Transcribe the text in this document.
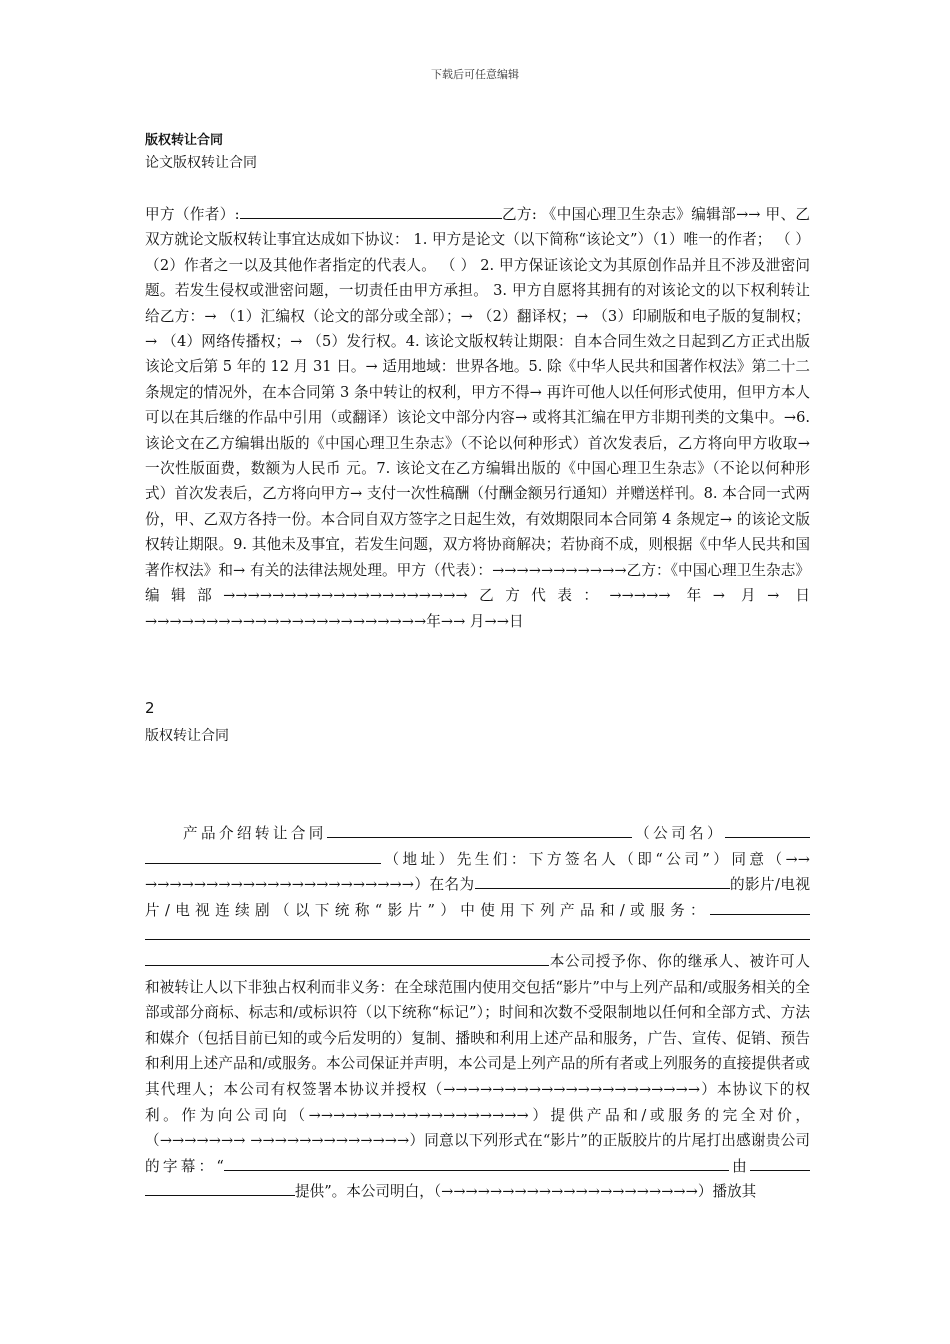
下载后可任意编辑
版权转让合同
论文版权转让合同
甲方（作者）:	乙方: 《中国心理卫生杂志》编辑部→→ 甲、乙双方就论文版权转让事宜达成如下协议： 1. 甲方是论文（以下简称“该论文”）（1）唯一的作者； （ ） （2）作者之一以及其他作者指定的代表人。 （ ） 2. 甲方保证该论文为其原创作品并且不涉及泄密问题。若发生侵权或泄密问题，一切责任由甲方承担。 3. 甲方自愿将其拥有的对该论文的以下权利转让给乙方：→ （1）汇编权（论文的部分或全部）；→ （2）翻译权；→ （3）印刷版和电子版的复制权；→ （4）网络传播权；→ （5）发行权。4. 该论文版权转让期限：自本合同生效之日起到乙方正式出版该论文后第 5 年的 12 月 31 日。→ 适用地域：世界各地。5. 除《中华人民共和国著作权法》第二十二条规定的情况外，在本合同第 3 条中转让的权利，甲方不得→ 再许可他人以任何形式使用，但甲方本人可以在其后继的作品中引用（或翻译）该论文中部分内容→ 或将其汇编在甲方非期刊类的文集中。→6. 该论文在乙方编辑出版的《中国心理卫生杂志》（不论以何种形式）首次发表后，乙方将向甲方收取→ 一次性版面费，数额为人民币 元。7. 该论文在乙方编辑出版的《中国心理卫生杂志》（不论以何种形式）首次发表后，乙方将向甲方→ 支付一次性稿酬（付酬金额另行通知）并赠送样刊。8. 本合同一式两份，甲、乙双方各持一份。本合同自双方签字之日起生效，有效期限同本合同第 4 条规定→ 的该论文版权转让期限。9. 其他未及事宜，若发生问题，双方将协商解决；若协商不成，则根据《中华人民共和国著作权法》和→ 有关的法律法规处理。甲方（代表）：→→→→→→→→→→→乙方：《中国心理卫生杂志》编辑部→→→→→→→→→→→→→→→→→→→→乙方代表：→→→→→ 年→ 月→ 日→→→→→→→→→→→→→→→→→→→→→→→年→→ 月→→日
2
版权转让合同
产品介绍转让合同	（公司名）（地址）先生们：下方签名人（即“公司”）同意（→→ →→→→→→→→→→→→→→→→→→→→→→）在名为	的影片/电视片/电视连续剧（以下统称“影片”）中使用下列产品和/或服务：本公司授予你、你的继承人、被许可人和被转让人以下非独占权利而非义务：在全球范围内使用交包括“影片”中与上列产品和/或服务相关的全部或部分商标、标志和/或标识符（以下统称“标记”）；时间和次数不受限制地以任何和全部方式、方法和媒介（包括目前已知的或今后发明的）复制、播映和利用上述产品和服务，广告、宣传、促销、预告和利用上述产品和/或服务。本公司保证并声明，本公司是上列产品的所有者或上列服务的直接提供者或其代理人；本公司有权签署本协议并授权（→→→→→→→→→→→→→→→→→→→→→）本协议下的权利。作为向公司向（→→→→→→→→→→→→→→→→→→）提供产品和/或服务的完全对价，（→→→→→→→ →→→→→→→→→→→→→）同意以下列形式在“影片”的正版胶片的片尾打出感谢贵公司的字幕：“	由提供”。本公司明白，（→→→→→→→→→→→→→→→→→→→→→）播放其
